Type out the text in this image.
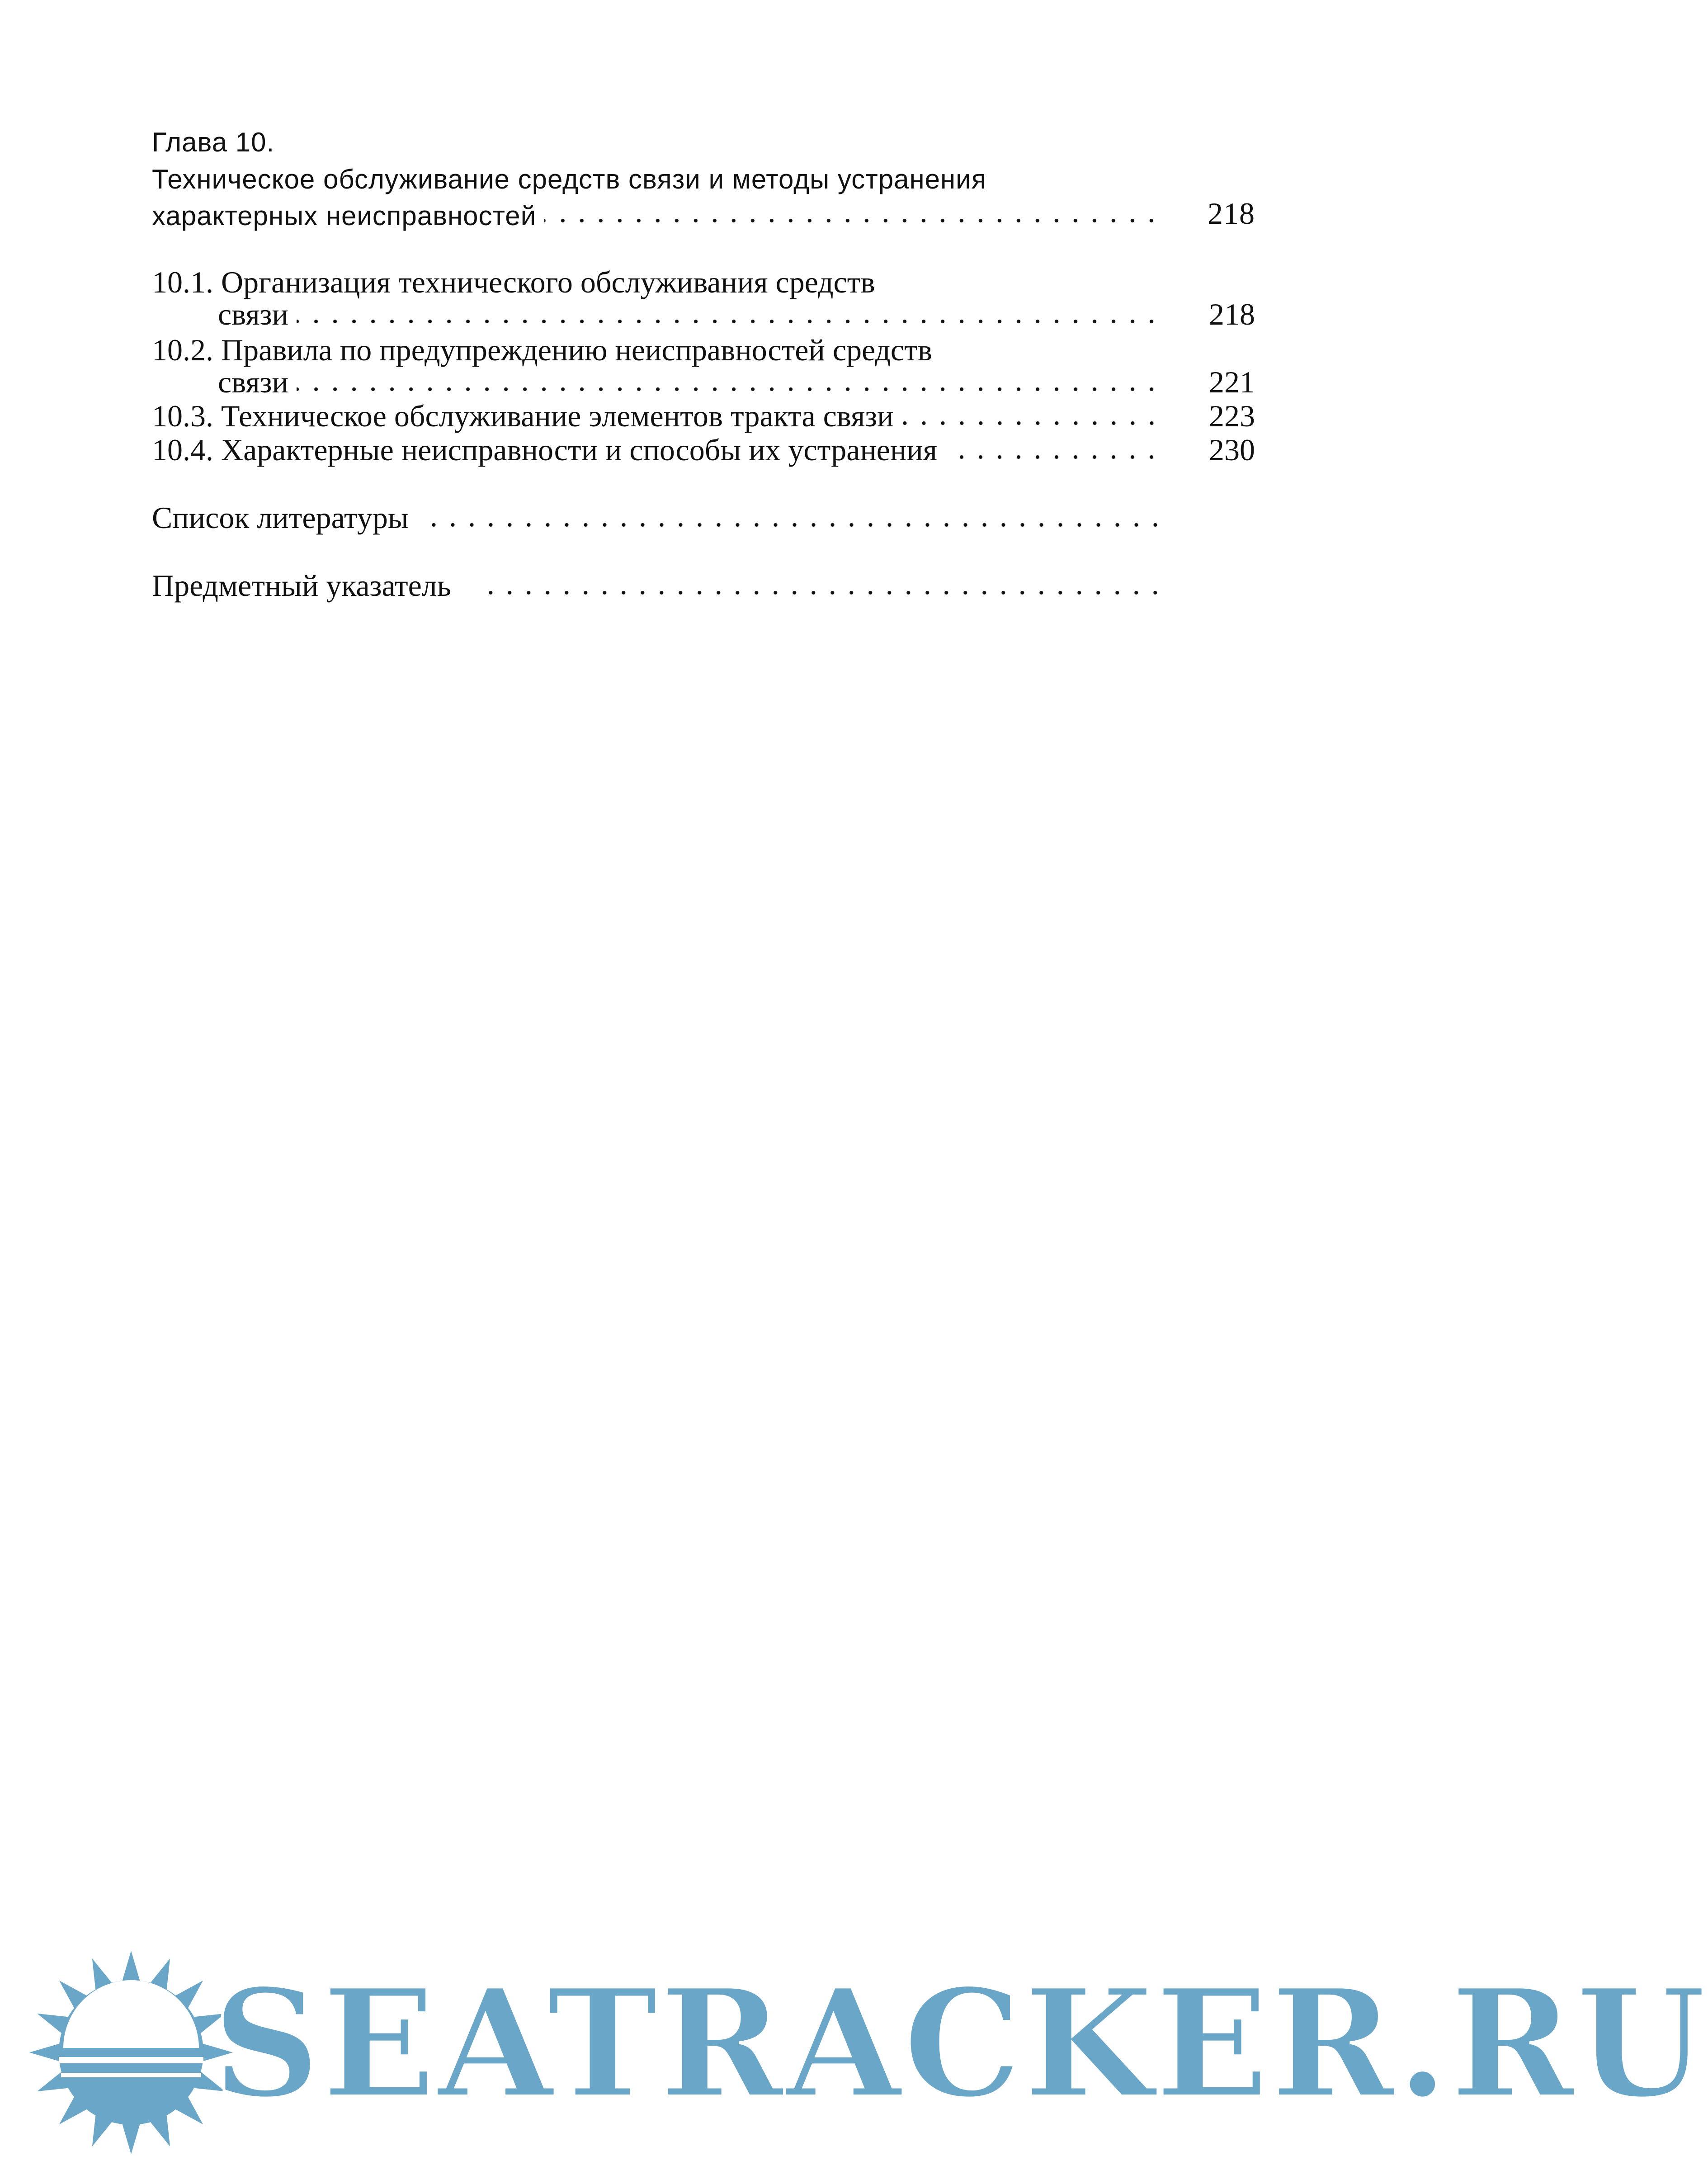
Глава 10.
Техническое обслуживание средств связи и методы устранения
характерных неисправностей	218
10.1. Организация технического обслуживания средств
связи	218
10.2. Правила по предупреждению неисправностей средств
связи	221
10.3. Техническое обслуживание элементов тракта связи	223
10.4. Характерные неисправности и способы их устранения	230
Список литературы
Предметный указатель
SEATRACKER.RU
